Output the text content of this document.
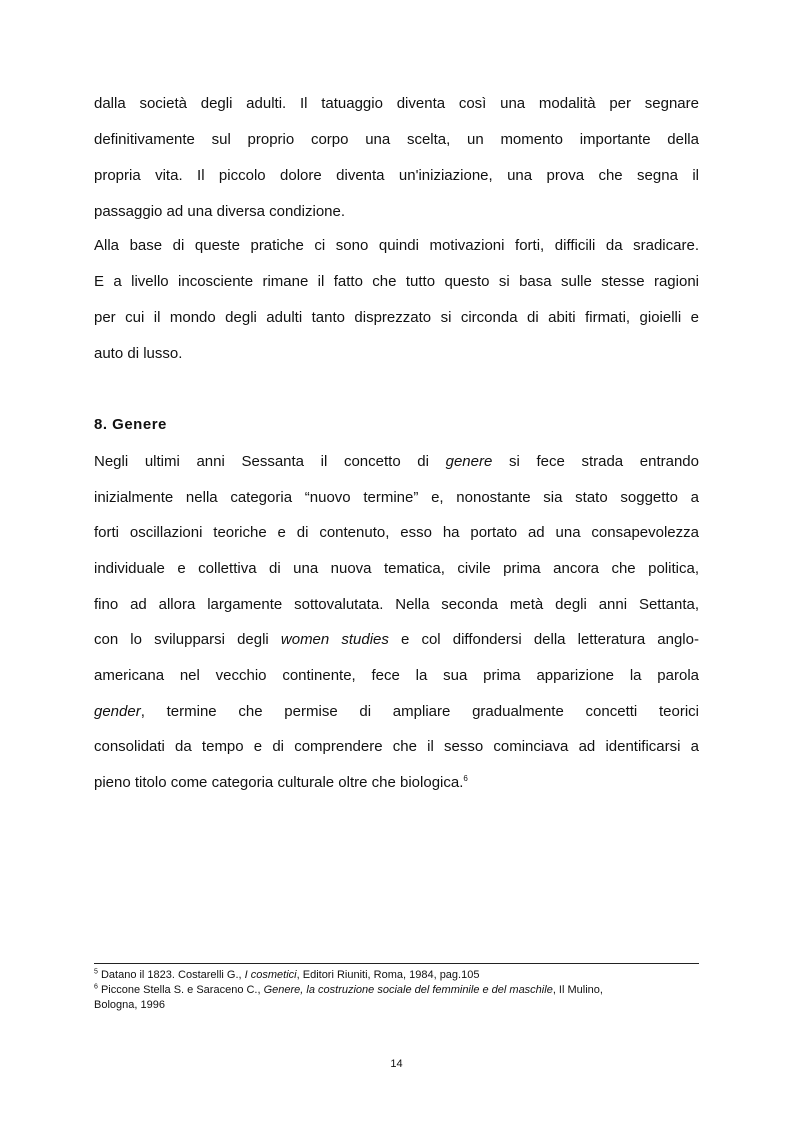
dalla società degli adulti. Il tatuaggio diventa così una modalità per segnare
definitivamente sul proprio corpo una scelta, un momento importante della
propria vita. Il piccolo dolore diventa un'iniziazione, una prova che segna il
passaggio ad una diversa condizione.
Alla base di queste pratiche ci sono quindi motivazioni forti, difficili da sradicare.
E a livello incosciente rimane il fatto che tutto questo si basa sulle stesse ragioni
per cui il mondo degli adulti tanto disprezzato si circonda di abiti firmati, gioielli e
auto di lusso.
8. Genere
Negli ultimi anni Sessanta il concetto di genere si fece strada entrando
inizialmente nella categoria “nuovo termine” e, nonostante sia stato soggetto a
forti oscillazioni teoriche e di contenuto, esso ha portato ad una consapevolezza
individuale e collettiva di una nuova tematica, civile prima ancora che politica,
fino ad allora largamente sottovalutata. Nella seconda metà degli anni Settanta,
con lo svilupparsi degli women studies e col diffondersi della letteratura anglo-
americana nel vecchio continente, fece la sua prima apparizione la parola
gender, termine che permise di ampliare gradualmente concetti teorici
consolidati da tempo e di comprendere che il sesso cominciava ad identificarsi a
pieno titolo come categoria culturale oltre che biologica.$^6$
$^5$ Datano il 1823. Costarelli G., I cosmetici, Editori Riuniti, Roma, 1984, pag.105
$^6$ Piccone Stella S. e Saraceno C., Genere, la costruzione sociale del femminile e del maschile, Il Mulino,
Bologna, 1996
14
